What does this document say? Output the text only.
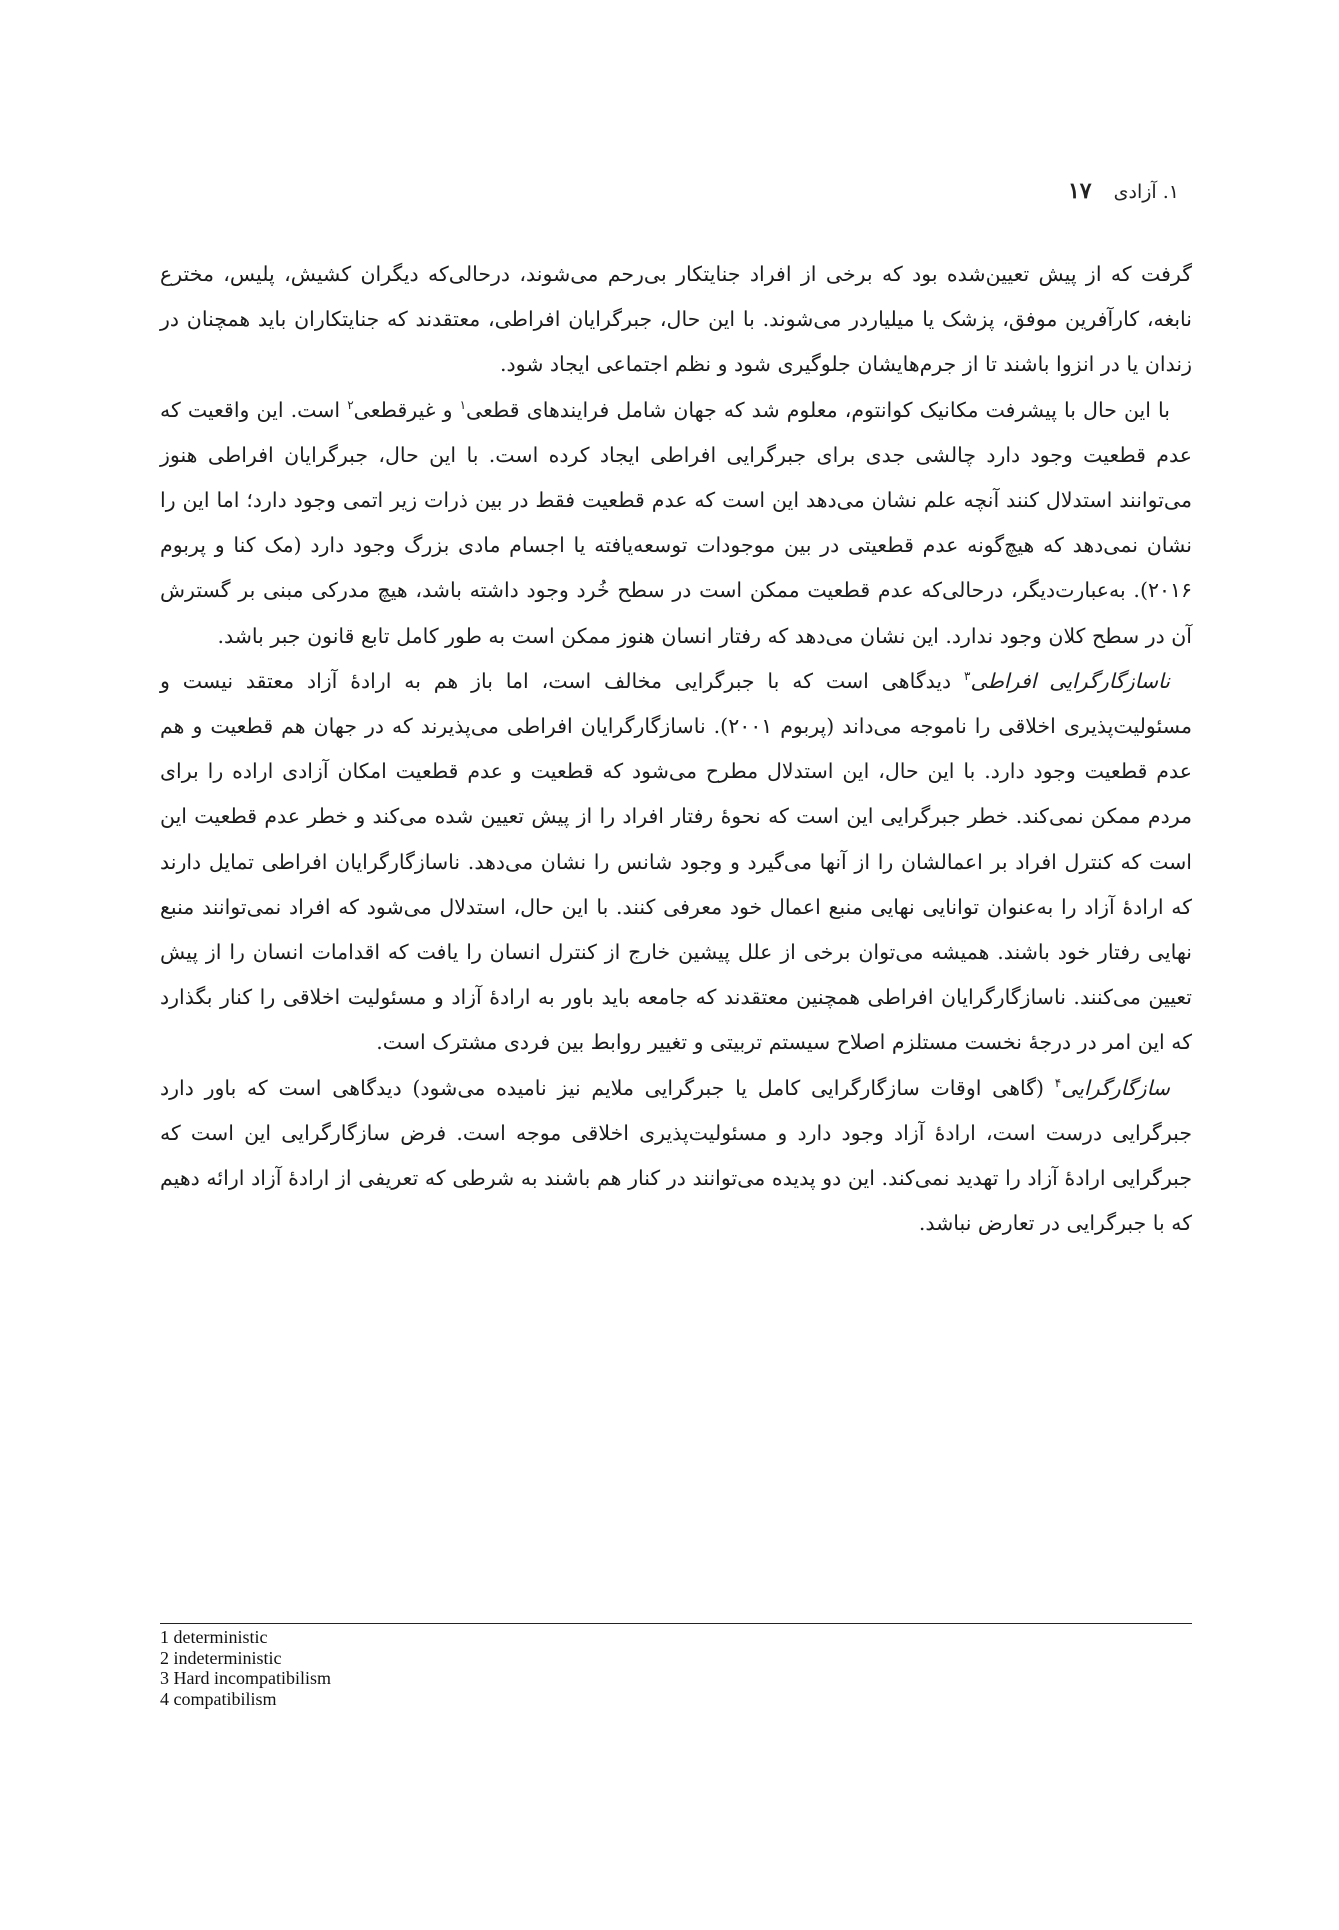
۱. آزادی
۱۷

گرفت که از پیش تعیین‌شده بود که برخی از افراد جنایتکار بی‌رحم می‌شوند، درحالی‌که دیگران کشیش، پلیس، مخترع نابغه، کارآفرین موفق، پزشک یا میلیاردر می‌شوند. با این حال، جبرگرایان افراطی، معتقدند که جنایتکاران باید همچنان در زندان یا در انزوا باشند تا از جرم‌هایشان جلوگیری شود و نظم اجتماعی ایجاد شود.

با این حال با پیشرفت مکانیک کوانتوم، معلوم شد که جهان شامل فرایندهای قطعی$^۱$ و غیرقطعی$^۲$ است. این واقعیت که عدم قطعیت وجود دارد چالشی جدی برای جبرگرایی افراطی ایجاد کرده است. با این حال، جبرگرایان افراطی هنوز می‌توانند استدلال کنند آنچه علم نشان می‌دهد این است که عدم قطعیت فقط در بین ذرات زیر اتمی وجود دارد؛ اما این را نشان نمی‌دهد که هیچ‌گونه عدم قطعیتی در بین موجودات توسعه‌یافته یا اجسام مادی بزرگ وجود دارد (مک کنا و پربوم ۲۰۱۶). به‌عبارت‌دیگر، درحالی‌که عدم قطعیت ممکن است در سطح خُرد وجود داشته باشد، هیچ مدرکی مبنی بر گسترش آن در سطح کلان وجود ندارد. این نشان می‌دهد که رفتار انسان هنوز ممکن است به طور کامل تابع قانون جبر باشد.

ناسازگارگرایی افراطی$^۳$ دیدگاهی است که با جبرگرایی مخالف است، اما باز هم به ارادهٔ آزاد معتقد نیست و مسئولیت‌پذیری اخلاقی را ناموجه می‌داند (پربوم ۲۰۰۱). ناسازگارگرایان افراطی می‌پذیرند که در جهان هم قطعیت و هم عدم قطعیت وجود دارد. با این حال، این استدلال مطرح می‌شود که قطعیت و عدم قطعیت امکان آزادی اراده را برای مردم ممکن نمی‌کند. خطر جبرگرایی این است که نحوهٔ رفتار افراد را از پیش تعیین شده می‌کند و خطر عدم قطعیت این است که کنترل افراد بر اعمالشان را از آنها می‌گیرد و وجود شانس را نشان می‌دهد. ناسازگارگرایان افراطی تمایل دارند که ارادهٔ آزاد را به‌عنوان توانایی نهایی منبع اعمال خود معرفی کنند. با این حال، استدلال می‌شود که افراد نمی‌توانند منبع نهایی رفتار خود باشند. همیشه می‌توان برخی از علل پیشین خارج از کنترل انسان را یافت که اقدامات انسان را از پیش تعیین می‌کنند. ناسازگارگرایان افراطی همچنین معتقدند که جامعه باید باور به ارادهٔ آزاد و مسئولیت اخلاقی را کنار بگذارد که این امر در درجهٔ نخست مستلزم اصلاح سیستم تربیتی و تغییر روابط بین فردی مشترک است.

سازگارگرایی$^۴$ (گاهی اوقات سازگارگرایی کامل یا جبرگرایی ملایم نیز نامیده می‌شود) دیدگاهی است که باور دارد جبرگرایی درست است، ارادهٔ آزاد وجود دارد و مسئولیت‌پذیری اخلاقی موجه است. فرض سازگارگرایی این است که جبرگرایی ارادهٔ آزاد را تهدید نمی‌کند. این دو پدیده می‌توانند در کنار هم باشند به شرطی که تعریفی از ارادهٔ آزاد ارائه دهیم که با جبرگرایی در تعارض نباشد.

1 deterministic
2 indeterministic
3 Hard incompatibilism
4 compatibilism
